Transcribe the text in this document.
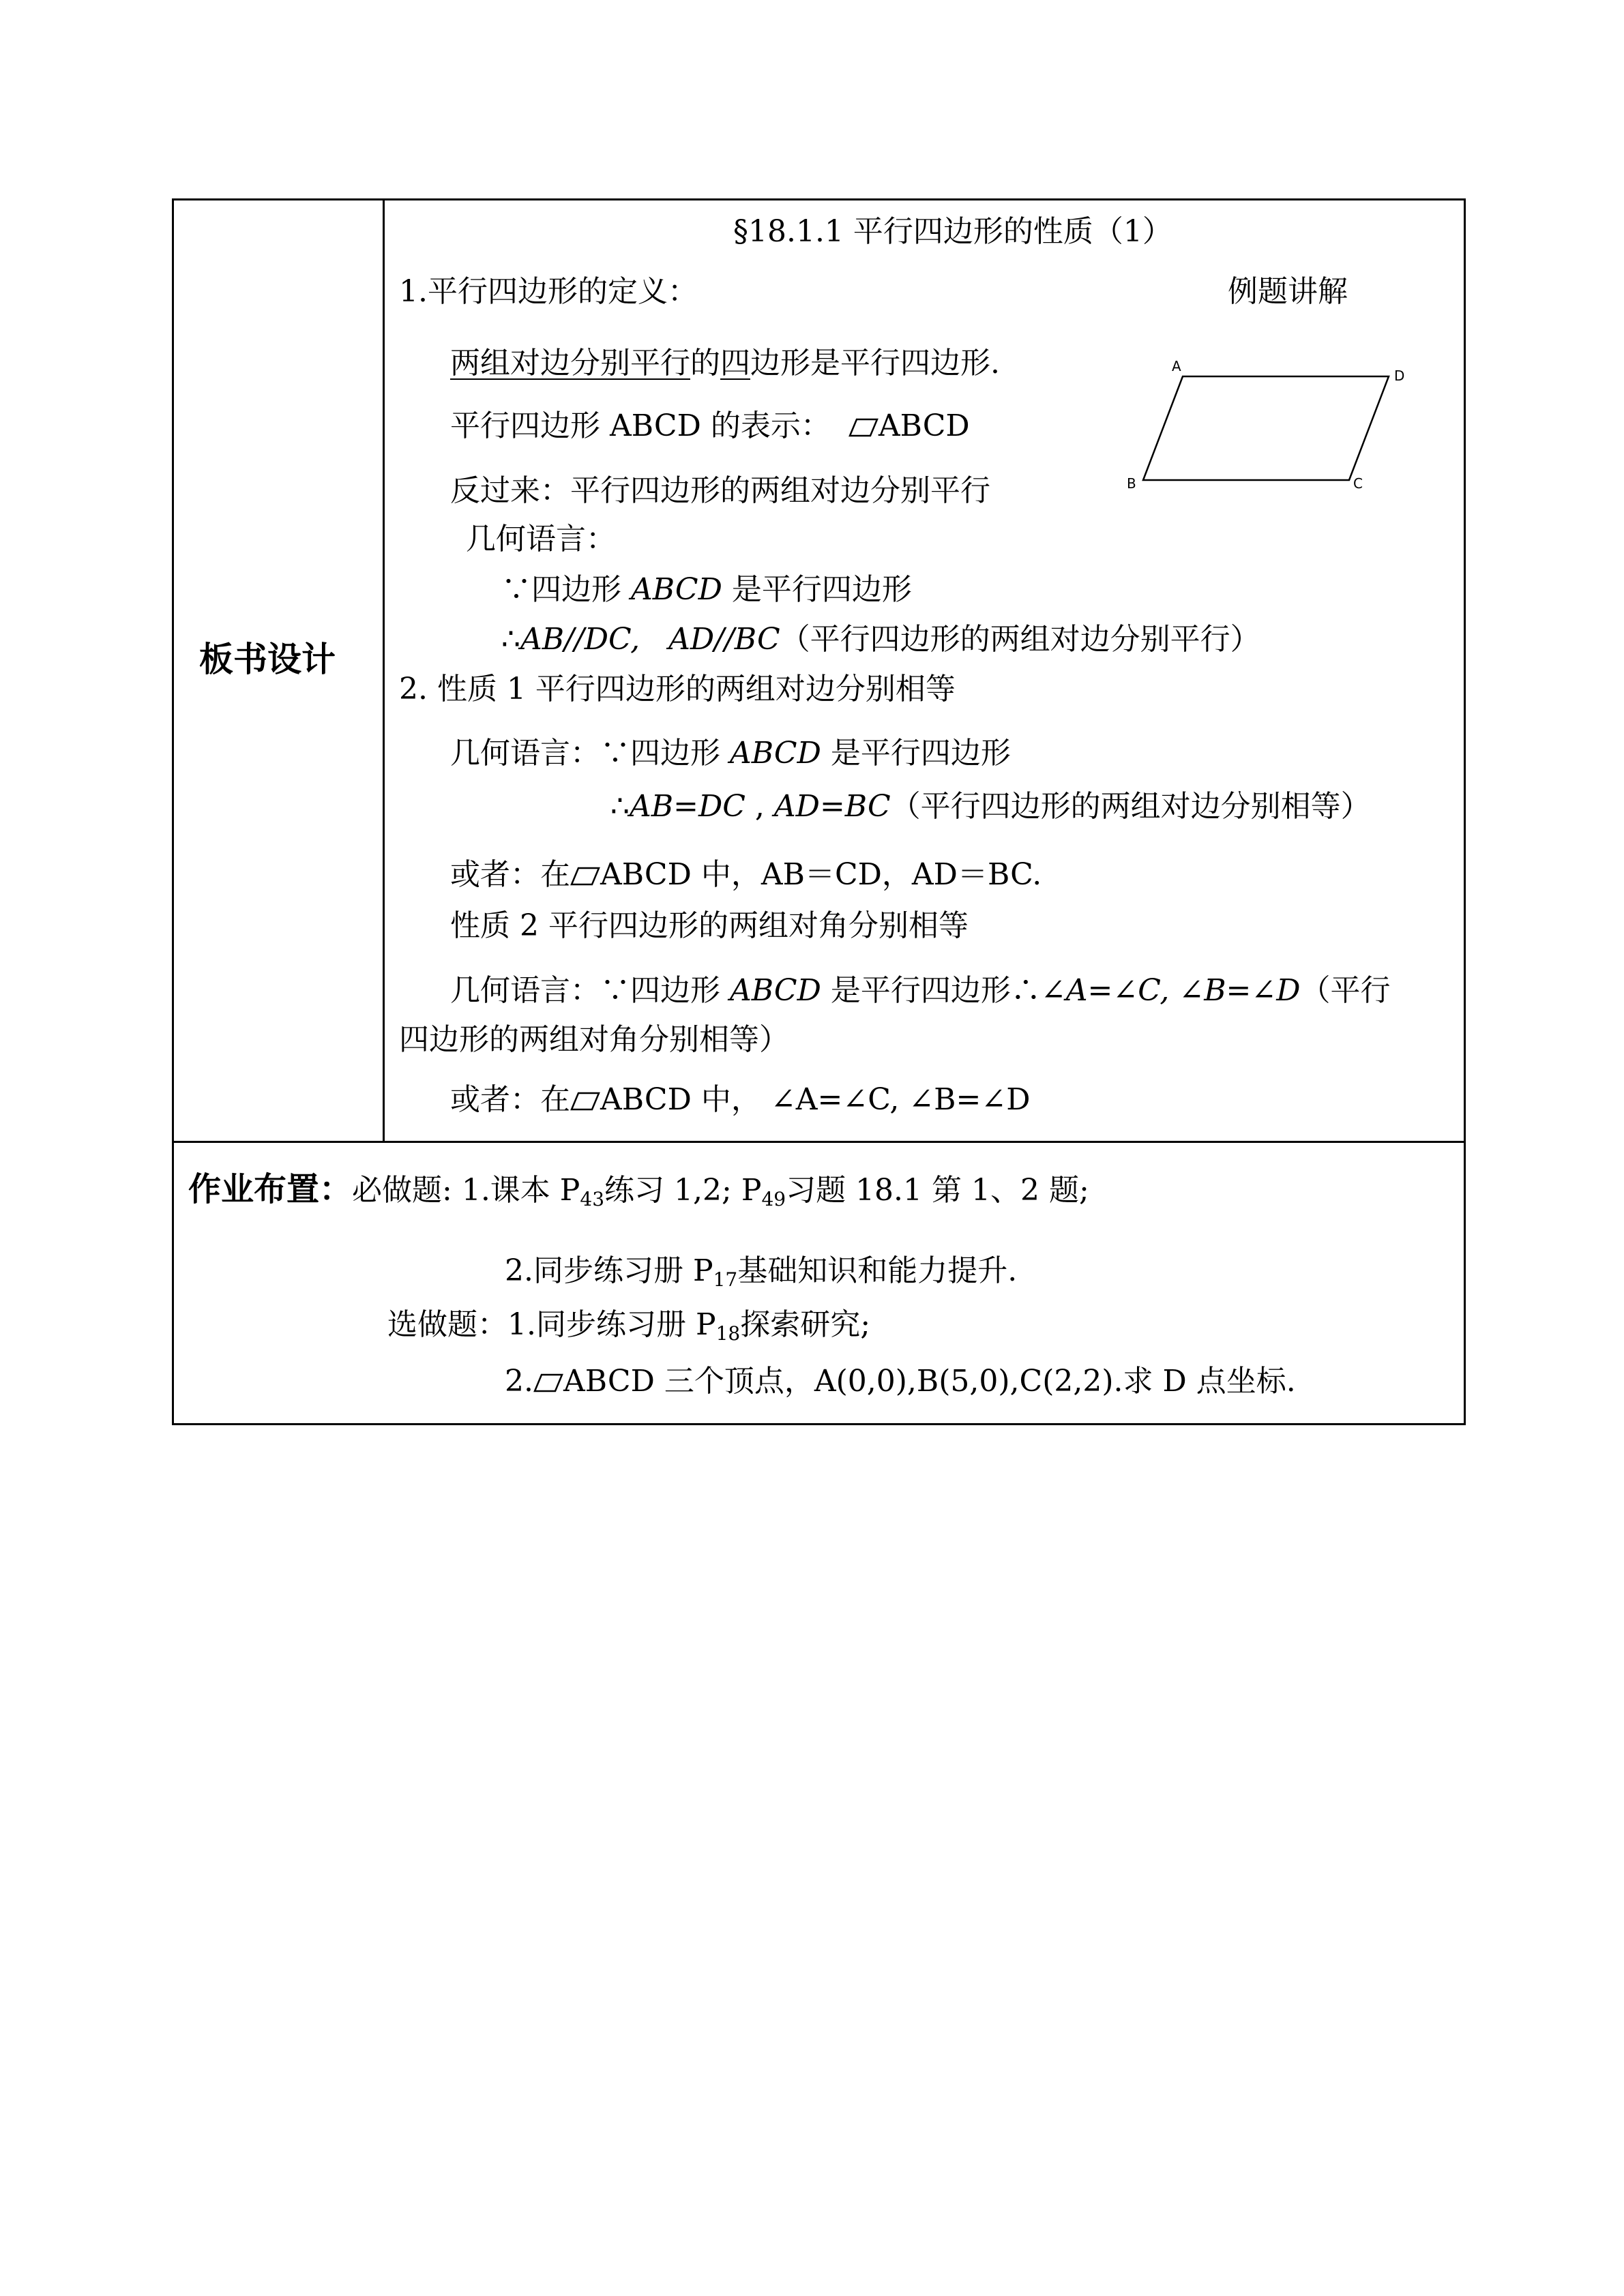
板书设计
§18.1.1 平行四边形的性质（1）
1.平行四边形的定义：	例题讲解
两组对边分别平行的四边形是平行四边形.
平行四边形 ABCD 的表示： ABCD
反过来：平行四边形的两组对边分别平行
几何语言：
∵四边形 ABCD 是平行四边形
∴AB//DC, AD//BC（平行四边形的两组对边分别平行）
2. 性质 1 平行四边形的两组对边分别相等
几何语言：∵四边形 ABCD 是平行四边形
∴AB=DC , AD=BC（平行四边形的两组对边分别相等）
或者：在 ABCD 中，AB＝CD，AD＝BC.
性质 2 平行四边形的两组对角分别相等
几何语言：∵四边形 ABCD 是平行四边形∴∠A=∠C, ∠B=∠D（平行
四边形的两组对角分别相等）
或者：在 ABCD 中， ∠A=∠C, ∠B=∠D
A
D
B	C
作业布置：必做题: 1.课本 $P_{43}$练习 1,2; $P_{49}$习题 18.1 第 1、2 题;
2.同步练习册 $P_{17}$基础知识和能力提升.
选做题：1.同步练习册 $P_{18}$探索研究;
2. ABCD 三个顶点，A(0,0),B(5,0),C(2,2).求 D 点坐标.
